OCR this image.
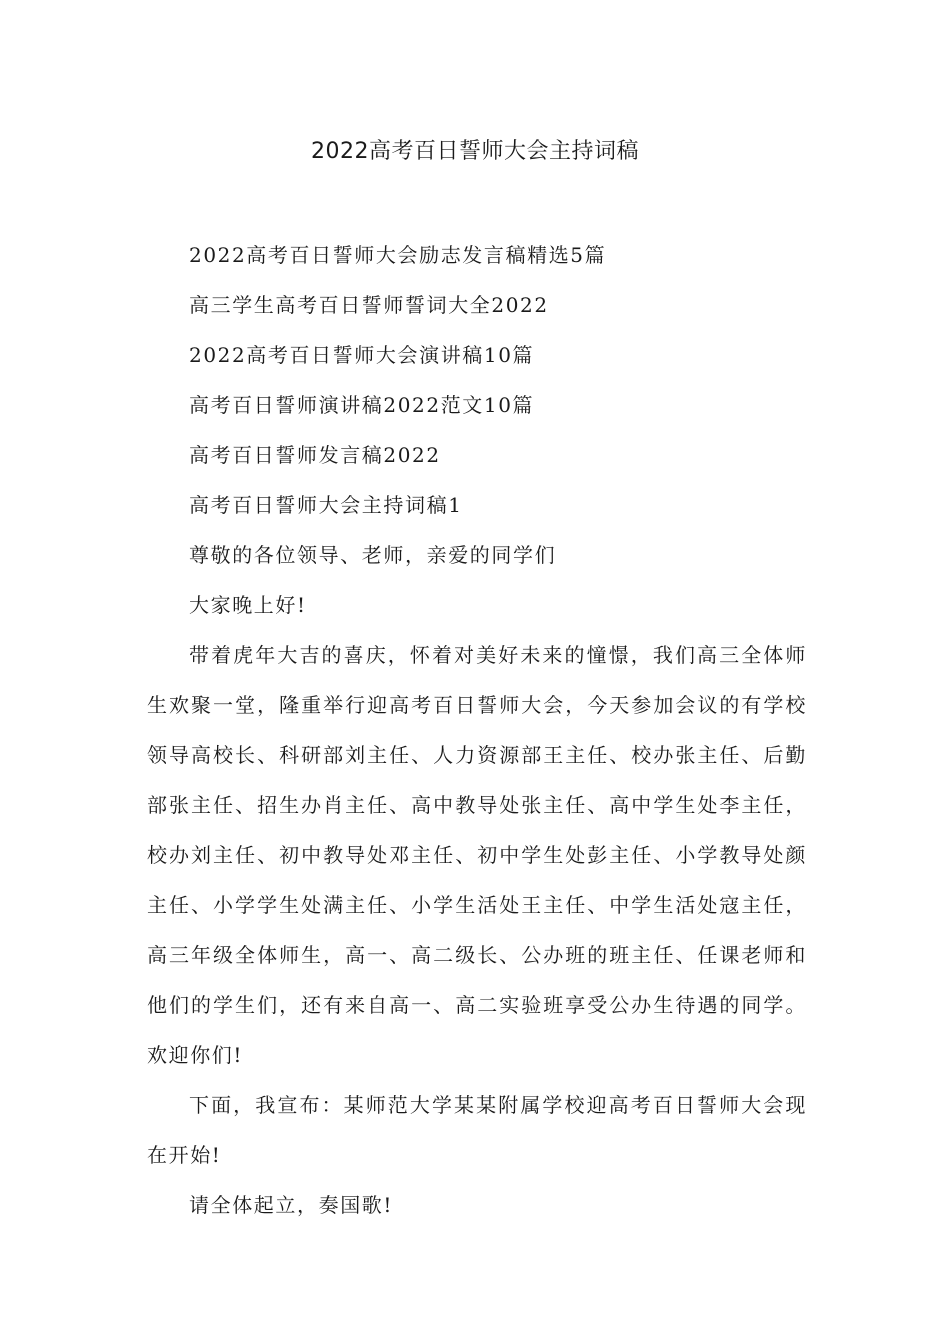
2022高考百日誓师大会主持词稿

2022高考百日誓师大会励志发言稿精选5篇

高三学生高考百日誓师誓词大全2022

2022高考百日誓师大会演讲稿10篇

高考百日誓师演讲稿2022范文10篇

高考百日誓师发言稿2022

高考百日誓师大会主持词稿1

尊敬的各位领导、老师，亲爱的同学们

大家晚上好!

带着虎年大吉的喜庆，怀着对美好未来的憧憬，我们高三全体师生欢聚一堂，隆重举行迎高考百日誓师大会，今天参加会议的有学校领导高校长、科研部刘主任、人力资源部王主任、校办张主任、后勤部张主任、招生办肖主任、高中教导处张主任、高中学生处李主任，校办刘主任、初中教导处邓主任、初中学生处彭主任、小学教导处颜主任、小学学生处满主任、小学生活处王主任、中学生活处寇主任，高三年级全体师生，高一、高二级长、公办班的班主任、任课老师和他们的学生们，还有来自高一、高二实验班享受公办生待遇的同学。欢迎你们!

下面，我宣布：某师范大学某某附属学校迎高考百日誓师大会现在开始!

请全体起立，奏国歌!
